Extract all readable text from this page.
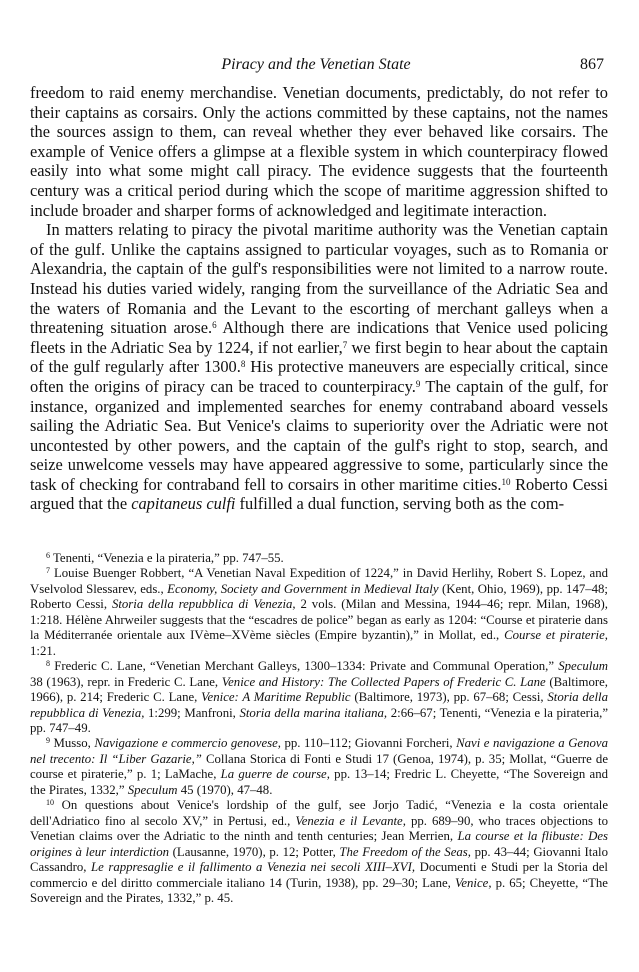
Piracy and the Venetian State	867

freedom to raid enemy merchandise. Venetian documents, predictably, do not refer to their captains as corsairs. Only the actions committed by these captains, not the names the sources assign to them, can reveal whether they ever behaved like corsairs. The example of Venice offers a glimpse at a flexible system in which counterpiracy flowed easily into what some might call piracy. The evidence suggests that the fourteenth century was a critical period during which the scope of maritime aggression shifted to include broader and sharper forms of acknowledged and legitimate interaction.

In matters relating to piracy the pivotal maritime authority was the Venetian captain of the gulf. Unlike the captains assigned to particular voyages, such as to Romania or Alexandria, the captain of the gulf's responsibilities were not limited to a narrow route. Instead his duties varied widely, ranging from the surveillance of the Adriatic Sea and the waters of Romania and the Levant to the escorting of merchant galleys when a threatening situation arose.$^6$ Although there are indications that Venice used policing fleets in the Adriatic Sea by 1224, if not earlier,$^7$ we first begin to hear about the captain of the gulf regularly after 1300.$^8$ His protective maneuvers are especially critical, since often the origins of piracy can be traced to counterpiracy.$^9$ The captain of the gulf, for instance, organized and implemented searches for enemy contraband aboard vessels sailing the Adriatic Sea. But Venice's claims to superiority over the Adriatic were not uncontested by other powers, and the captain of the gulf's right to stop, search, and seize unwelcome vessels may have appeared aggressive to some, particularly since the task of checking for contraband fell to corsairs in other maritime cities.$^{10}$ Roberto Cessi argued that the capitaneus culfi fulfilled a dual function, serving both as the com-

$^6$ Tenenti, “Venezia e la pirateria,” pp. 747–55.

$^7$ Louise Buenger Robbert, “A Venetian Naval Expedition of 1224,” in David Herlihy, Robert S. Lopez, and Vselvolod Slessarev, eds., Economy, Society and Government in Medieval Italy (Kent, Ohio, 1969), pp. 147–48; Roberto Cessi, Storia della repubblica di Venezia, 2 vols. (Milan and Messina, 1944–46; repr. Milan, 1968), 1:218. Hélène Ahrweiler suggests that the “escadres de police” began as early as 1204: “Course et piraterie dans la Méditerranée orientale aux IVème–XVème siècles (Empire byzantin),” in Mollat, ed., Course et piraterie, 1:21.

$^8$ Frederic C. Lane, “Venetian Merchant Galleys, 1300–1334: Private and Communal Operation,” Speculum 38 (1963), repr. in Frederic C. Lane, Venice and History: The Collected Papers of Frederic C. Lane (Baltimore, 1966), p. 214; Frederic C. Lane, Venice: A Maritime Republic (Baltimore, 1973), pp. 67–68; Cessi, Storia della repubblica di Venezia, 1:299; Manfroni, Storia della marina italiana, 2:66–67; Tenenti, “Venezia e la pirateria,” pp. 747–49.

$^9$ Musso, Navigazione e commercio genovese, pp. 110–112; Giovanni Forcheri, Navi e navigazione a Genova nel trecento: Il “Liber Gazarie,” Collana Storica di Fonti e Studi 17 (Genoa, 1974), p. 35; Mollat, “Guerre de course et piraterie,” p. 1; LaMache, La guerre de course, pp. 13–14; Fredric L. Cheyette, “The Sovereign and the Pirates, 1332,” Speculum 45 (1970), 47–48.

$^{10}$ On questions about Venice's lordship of the gulf, see Jorjo Tadić, “Venezia e la costa orientale dell'Adriatico fino al secolo XV,” in Pertusi, ed., Venezia e il Levante, pp. 689–90, who traces objections to Venetian claims over the Adriatic to the ninth and tenth centuries; Jean Merrien, La course et la flibuste: Des origines à leur interdiction (Lausanne, 1970), p. 12; Potter, The Freedom of the Seas, pp. 43–44; Giovanni Italo Cassandro, Le rappresaglie e il fallimento a Venezia nei secoli XIII–XVI, Documenti e Studi per la Storia del commercio e del diritto commerciale italiano 14 (Turin, 1938), pp. 29–30; Lane, Venice, p. 65; Cheyette, “The Sovereign and the Pirates, 1332,” p. 45.
